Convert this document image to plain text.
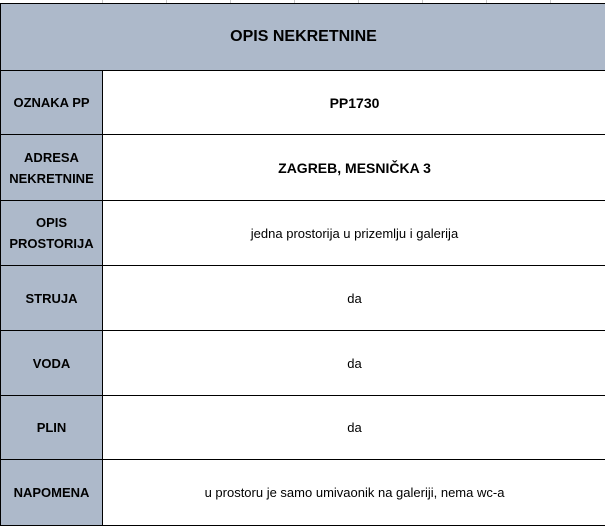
OPIS NEKRETNINE	
OZNAKA PP	PP1730
ADRESA NEKRETNINE	ZAGREB, MESNIČKA 3
OPIS PROSTORIJA	jedna prostorija u prizemlju i galerija
STRUJA	da
VODA	da
PLIN	da
NAPOMENA	u prostoru je samo umivaonik na galeriji, nema wc-a
